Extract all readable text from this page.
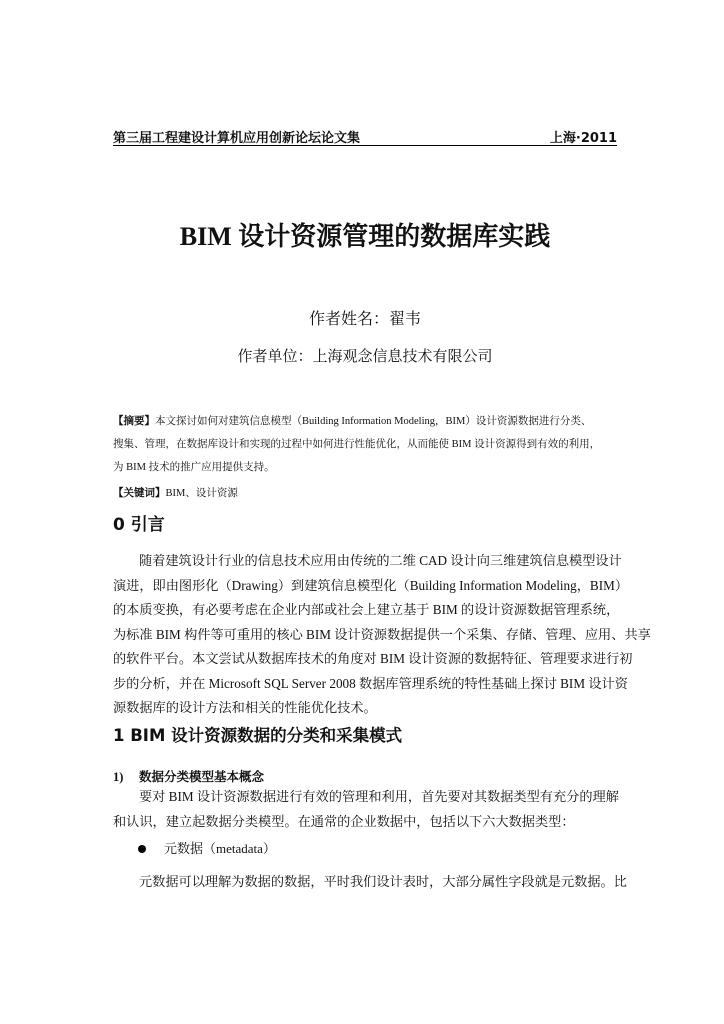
第三届工程建设计算机应用创新论坛论文集	上海·2011
BIM 设计资源管理的数据库实践
作者姓名：翟韦
作者单位：上海观念信息技术有限公司
【摘要】本文探讨如何对建筑信息模型（Building Information Modeling，BIM）设计资源数据进行分类、
搜集、管理，在数据库设计和实现的过程中如何进行性能优化，从而能使 BIM 设计资源得到有效的利用，
为 BIM 技术的推广应用提供支持。
【关键词】BIM、设计资源
0 引言
随着建筑设计行业的信息技术应用由传统的二维 CAD 设计向三维建筑信息模型设计
演进，即由图形化（Drawing）到建筑信息模型化（Building Information Modeling，BIM）
的本质变换，有必要考虑在企业内部或社会上建立基于 BIM 的设计资源数据管理系统，
为标准 BIM 构件等可重用的核心 BIM 设计资源数据提供一个采集、存储、管理、应用、共享
的软件平台。本文尝试从数据库技术的角度对 BIM 设计资源的数据特征、管理要求进行初
步的分析，并在 Microsoft SQL Server 2008 数据库管理系统的特性基础上探讨 BIM 设计资
源数据库的设计方法和相关的性能优化技术。
1 BIM 设计资源数据的分类和采集模式
1) 数据分类模型基本概念
要对 BIM 设计资源数据进行有效的管理和利用，首先要对其数据类型有充分的理解
和认识，建立起数据分类模型。在通常的企业数据中，包括以下六大数据类型：
元数据（metadata）
元数据可以理解为数据的数据，平时我们设计表时，大部分属性字段就是元数据。比
